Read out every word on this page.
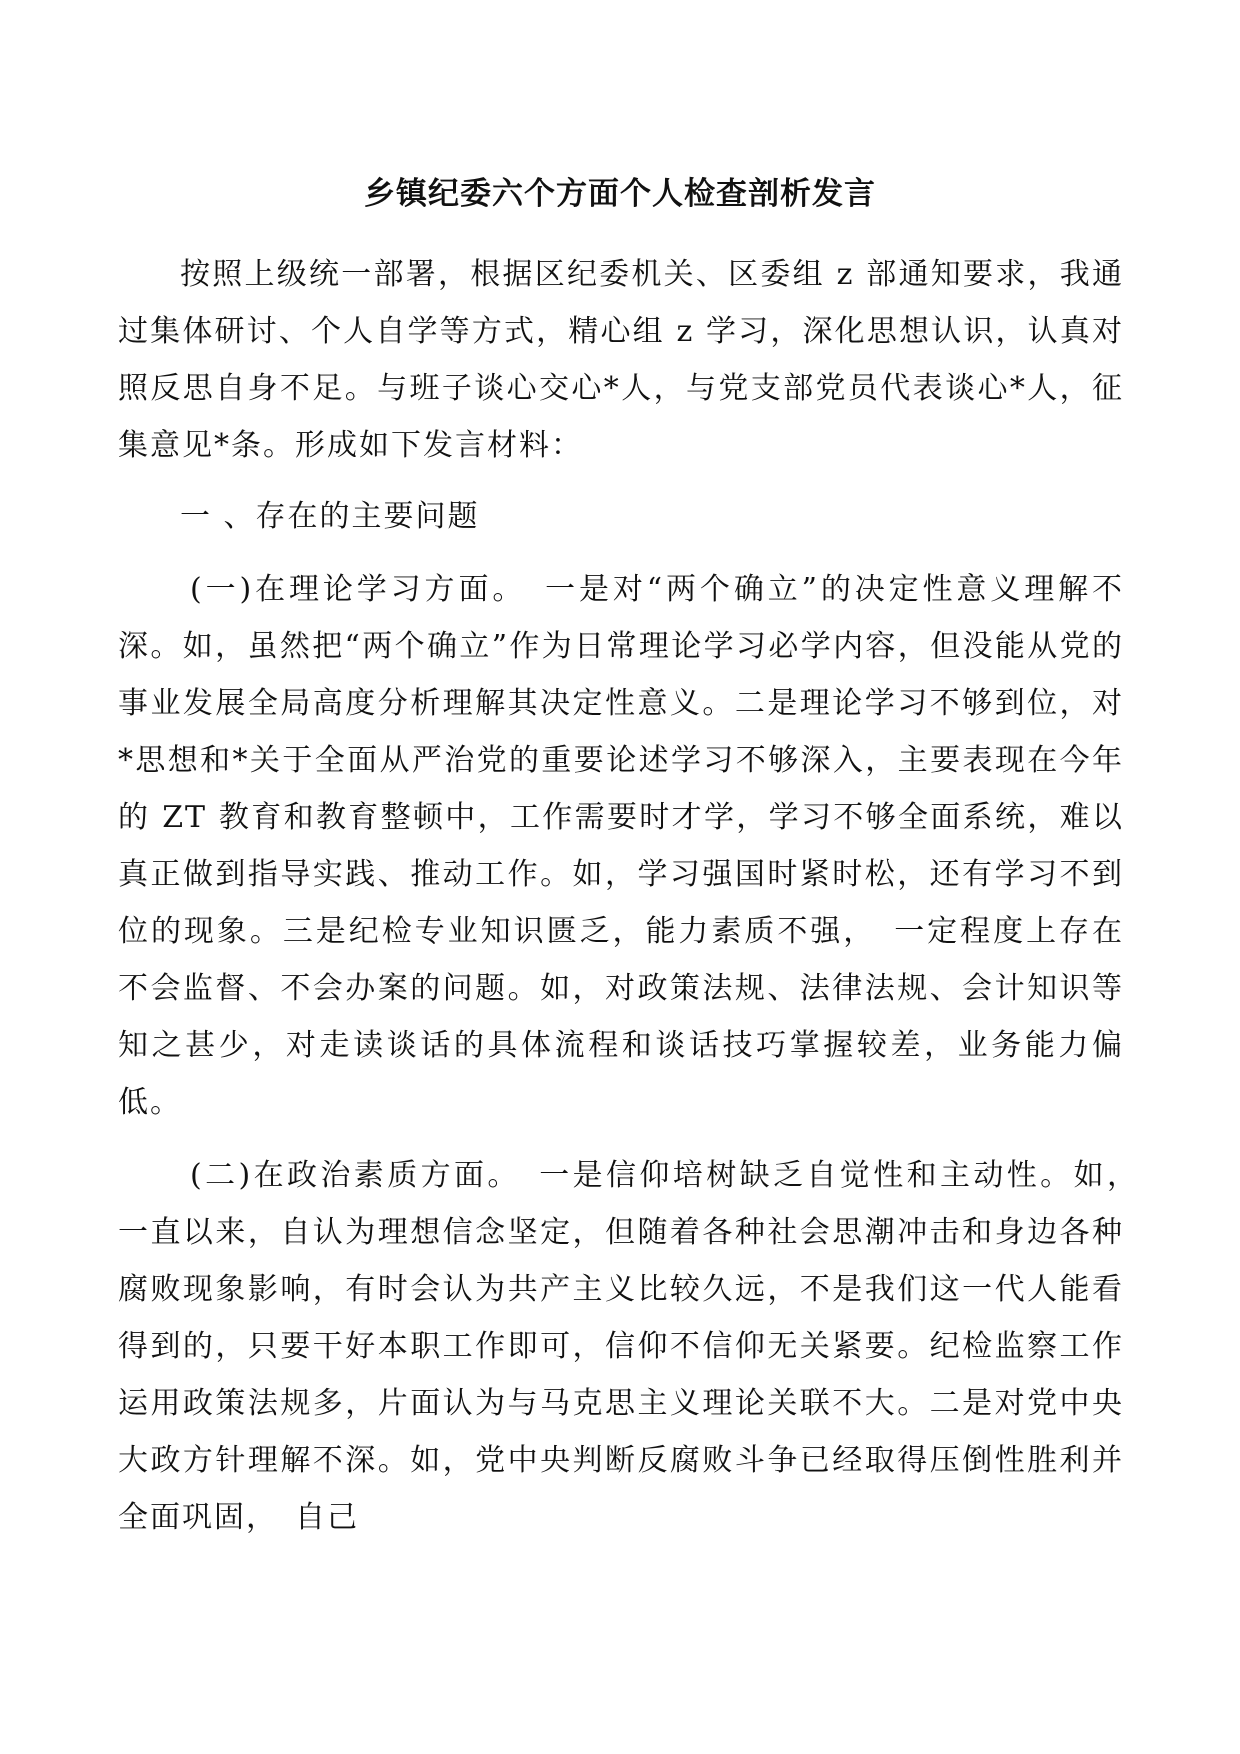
乡镇纪委六个方面个人检查剖析发言

按照上级统一部署，根据区纪委机关、区委组 z 部通知要求，我通过集体研讨、个人自学等方式，精心组 z 学习，深化思想认识，认真对照反思自身不足。与班子谈心交心*人，与党支部党员代表谈心*人，征集意见*条。形成如下发言材料：

一 、存在的主要问题

(一)在理论学习方面。　一是对“两个确立”的决定性意义理解不深。如，虽然把“两个确立”作为日常理论学习必学内容，但没能从党的事业发展全局高度分析理解其决定性意义。二是理论学习不够到位，对*思想和*关于全面从严治党的重要论述学习不够深入，主要表现在今年的 ZT 教育和教育整顿中，工作需要时才学，学习不够全面系统，难以真正做到指导实践、推动工作。如，学习强国时紧时松，还有学习不到位的现象。三是纪检专业知识匮乏，能力素质不强，　一定程度上存在不会监督、不会办案的问题。如，对政策法规、法律法规、会计知识等知之甚少，对走读谈话的具体流程和谈话技巧掌握较差，业务能力偏低。

(二)在政治素质方面。　一是信仰培树缺乏自觉性和主动性。如，　一直以来，自认为理想信念坚定，但随着各种社会思潮冲击和身边各种腐败现象影响，有时会认为共产主义比较久远，不是我们这一代人能看得到的，只要干好本职工作即可，信仰不信仰无关紧要。纪检监察工作运用政策法规多，片面认为与马克思主义理论关联不大。二是对党中央大政方针理解不深。如，党中央判断反腐败斗争已经取得压倒性胜利并全面巩固，　自己
